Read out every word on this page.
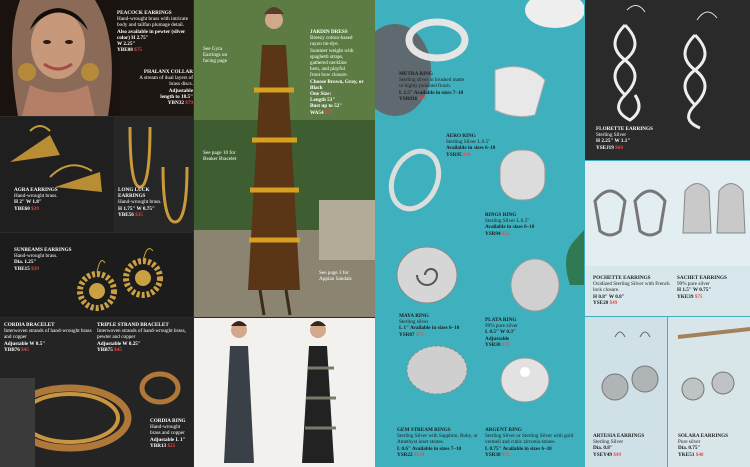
PEACOCK EARRINGS
Hand-wrought brass with intricate body and tailfan plumage detail.
Also available in pewter (silver color) H 2.75"
W 2.25"
YBE88 $75
PHALANX COLLAR
A stream of dual layers of brass discs.
Adjustable
length to 18.5"
YBN32 $79
AGRA EARRINGS
Hand-wrought brass.
H 2" W 1.8"
YBE60 $39
LONG LUCK EARRINGS
Hand-wrought brass.
H 1.75" W 0.75"
YBE56 $35
SUNBEAMS EARRINGS
Hand-wrought brass.
Dia. 1.25"
YBE15 $39
See Gyra Earrings on facing page
See page 10 for Beaker Bracelet
See page 3 for Appian Sandals
JARDIN DRESS
Breezy cotton-based
rayon tie-dye.
Summer weight with
spaghetti straps,
gathered neckline
hem, and playful
front bow closure.
Choose Brown, Gray, or Black
One Size:
Length 53"
Bust up to 52"
WA54 $75
CORDIA BRACELET
Interwoven strands of hand-wrought brass and copper
Adjustable W 0.5"
YBB76 $45
TRIPLE STRAND BRACELET
Interwoven strands of hand-wrought brass, pewter and copper
Adjustable W 0.25"
YBB75 $45
CORDIA RING
Hand-wrought brass and copper
Adjustable L 1"
YBR13 $25
METRA RING
Sterling silver in brushed matte or highly polished finish.
L 1.5" Available in sizes 7–10
YSR036 $75
AERO RING
Sterling Silver L 0.5"
Available in sizes 6–10
YSR95 $49
RINGS RING
Sterling Silver L 0.5"
Available in sizes 6–10
YSR94 $55
MAYA RING
Sterling silver
L 1" Available in sizes 6–10
YSR87 $75
PLATA RING
99% pure silver
L 0.5" W 0.3"
Adjustable
YSR30 $75
GEM STREAM RINGS
Sterling Silver with Sapphire, Ruby, or Amethyst inset stones.
L 0.6" Available in sizes 7–10
YSR22 $139
ARGENT RING
Sterling Silver or Sterling Silver with gold vermeil and cubic zirconia stones.
L 0.75" Available in sizes 6–10
YSR38 $75
FLORETTE EARRINGS
Sterling Silver
H 2.25" W 1.1"
YSEJ19 $60
POCHETTE EARRINGS
Oxidized Sterling Silver with French lock closure.
H 0.8" W 0.8"
YSE20 $49
SACHET EARRINGS
99% pure silver
H 1.5" W 0.75"
YKE39 $75
ARTESIA EARRINGS
Sterling Silver
Dia. 0.8"
YSEY49 $49
SOLARA EARRINGS
Pure silver
Dia. 0.75"
YKE51 $40
